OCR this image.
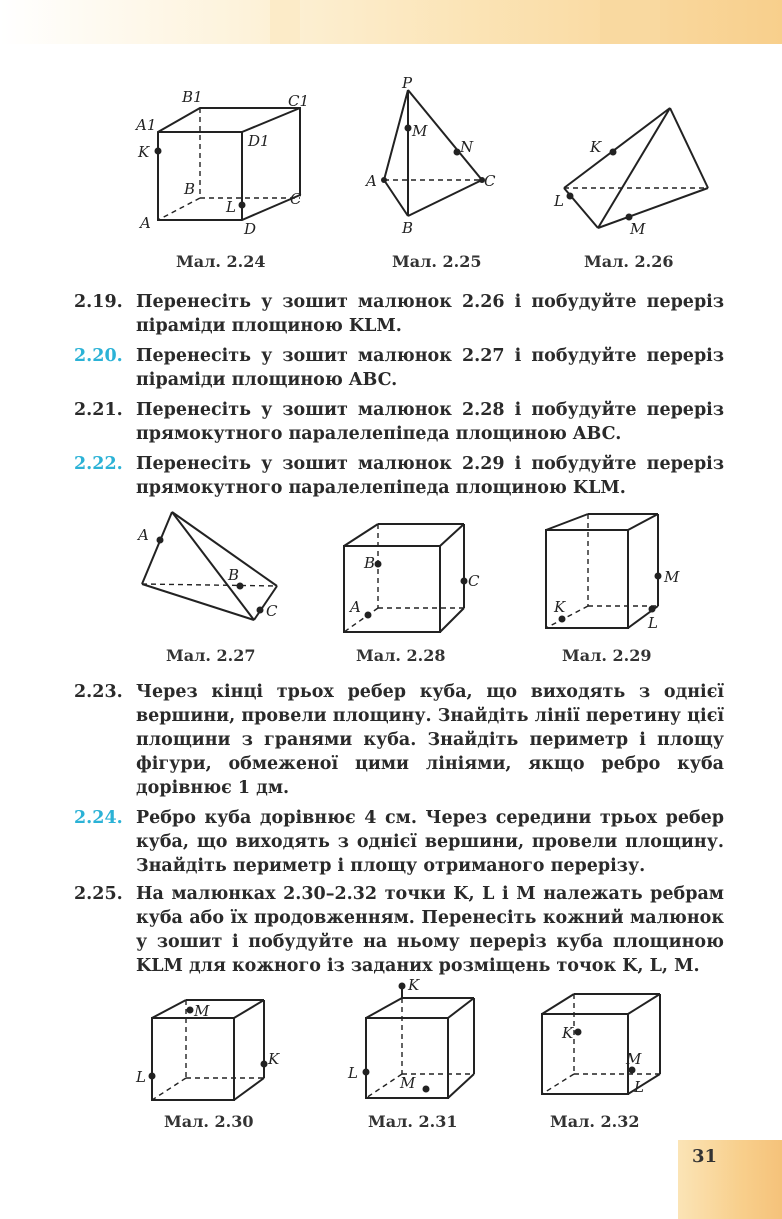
B1	C1
A1
D1
K
B
C
L
A	D
Мал. 2.24
P
M
N
A	C
B
Мал. 2.25
K
L
M
Мал. 2.26
2.19. Перенесіть у зошит малюнок 2.26 і побудуйте переріз піраміди площиною KLM.
2.20. Перенесіть у зошит малюнок 2.27 і побудуйте переріз піраміди площиною ABC.
2.21. Перенесіть у зошит малюнок 2.28 і побудуйте переріз прямокутного паралелепіпеда площиною ABC.
2.22. Перенесіть у зошит малюнок 2.29 і побудуйте переріз прямокутного паралелепіпеда площиною KLM.
A
B
C
Мал. 2.27
B
C
A
Мал. 2.28
M
K
L
Мал. 2.29
2.23. Через кінці трьох ребер куба, що виходять з однієї вершини, провели площину. Знайдіть лінії перетину цієї площини з гранями куба. Знайдіть периметр і площу фігури, обмеженої цими лініями, якщо ребро куба дорівнює 1 дм.
2.24. Ребро куба дорівнює 4 см. Через середини трьох ребер куба, що виходять з однієї вершини, провели площину. Знайдіть периметр і площу отриманого перерізу.
2.25. На малюнках 2.30–2.32 точки K, L і M належать ребрам куба або їх продовженням. Перенесіть кожний малюнок у зошит і побудуйте на ньому переріз куба площиною KLM для кожного із заданих розміщень точок K, L, M.
M
K
L
Мал. 2.30
K
L
M
Мал. 2.31
K
M
L
Мал. 2.32
31
